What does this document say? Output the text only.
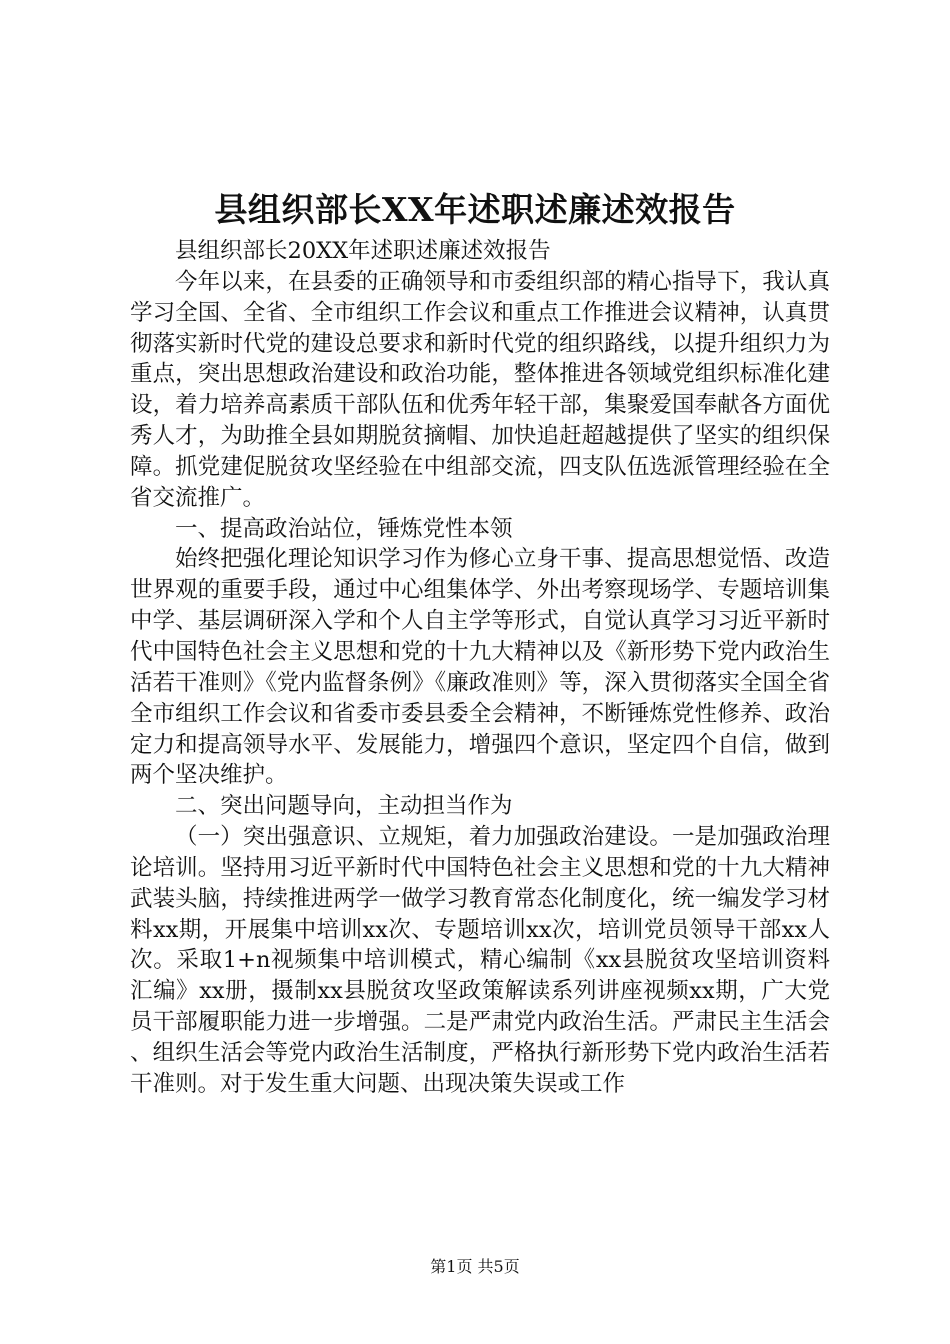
县组织部长XX年述职述廉述效报告

县组织部长20XX年述职述廉述效报告

今年以来，在县委的正确领导和市委组织部的精心指导下，我认真学习全国、全省、全市组织工作会议和重点工作推进会议精神，认真贯彻落实新时代党的建设总要求和新时代党的组织路线，以提升组织力为重点，突出思想政治建设和政治功能，整体推进各领域党组织标准化建设，着力培养高素质干部队伍和优秀年轻干部，集聚爱国奉献各方面优秀人才，为助推全县如期脱贫摘帽、加快追赶超越提供了坚实的组织保障。抓党建促脱贫攻坚经验在中组部交流，四支队伍选派管理经验在全省交流推广。

一、提高政治站位，锤炼党性本领

始终把强化理论知识学习作为修心立身干事、提高思想觉悟、改造世界观的重要手段，通过中心组集体学、外出考察现场学、专题培训集中学、基层调研深入学和个人自主学等形式，自觉认真学习习近平新时代中国特色社会主义思想和党的十九大精神以及《新形势下党内政治生活若干准则》《党内监督条例》《廉政准则》等，深入贯彻落实全国全省全市组织工作会议和省委市委县委全会精神，不断锤炼党性修养、政治定力和提高领导水平、发展能力，增强四个意识，坚定四个自信，做到两个坚决维护。

二、突出问题导向，主动担当作为

（一）突出强意识、立规矩，着力加强政治建设。一是加强政治理论培训。坚持用习近平新时代中国特色社会主义思想和党的十九大精神武装头脑，持续推进两学一做学习教育常态化制度化，统一编发学习材料xx期，开展集中培训xx次、专题培训xx次，培训党员领导干部xx人次。采取1+n视频集中培训模式，精心编制《xx县脱贫攻坚培训资料汇编》xx册，摄制xx县脱贫攻坚政策解读系列讲座视频xx期，广大党员干部履职能力进一步增强。二是严肃党内政治生活。严肃民主生活会、组织生活会等党内政治生活制度，严格执行新形势下党内政治生活若干准则。对于发生重大问题、出现决策失误或工作

第1页 共5页
